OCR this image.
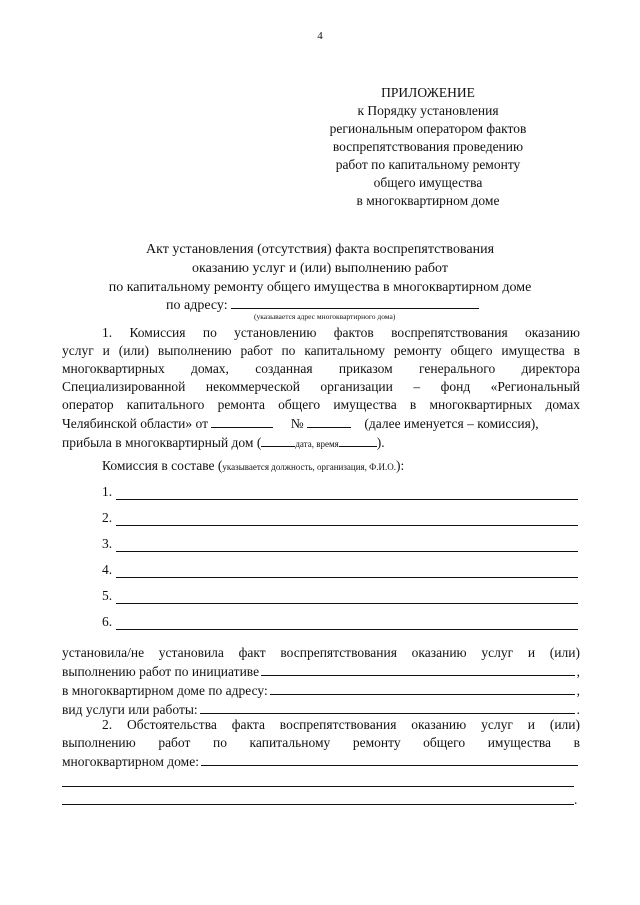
4
ПРИЛОЖЕНИЕ
к Порядку установления
региональным оператором фактов
воспрепятствования проведению
работ по капитальному ремонту
общего имущества
в многоквартирном доме
Акт установления (отсутствия) факта воспрепятствования
оказанию услуг и (или) выполнению работ
по капитальному ремонту общего имущества в многоквартирном доме
по адресу:
(указывается адрес многоквартирного дома)
1. Комиссия по установлению фактов воспрепятствования оказанию
услуг и (или) выполнению работ по капитальному ремонту общего имущества в
многоквартирных домах, созданная приказом генерального директора
Специализированной некоммерческой организации – фонд «Региональный
оператор капитального ремонта общего имущества в многоквартирных домах
Челябинской области» от	№	(далее именуется – комиссия),
прибыла в многоквартирный дом (	дата, время	).
Комиссия в составе (указывается должность, организация, Ф.И.О.):
1.
2.
3.
4.
5.
6.
установила/не установила факт воспрепятствования оказанию услуг и (или)
выполнению работ по инициативе	,
в многоквартирном доме по адресу:	,
вид услуги или работы:	.
2. Обстоятельства факта воспрепятствования оказанию услуг и (или)
выполнению работ по капитальному ремонту общего имущества в
многоквартирном доме:
.
